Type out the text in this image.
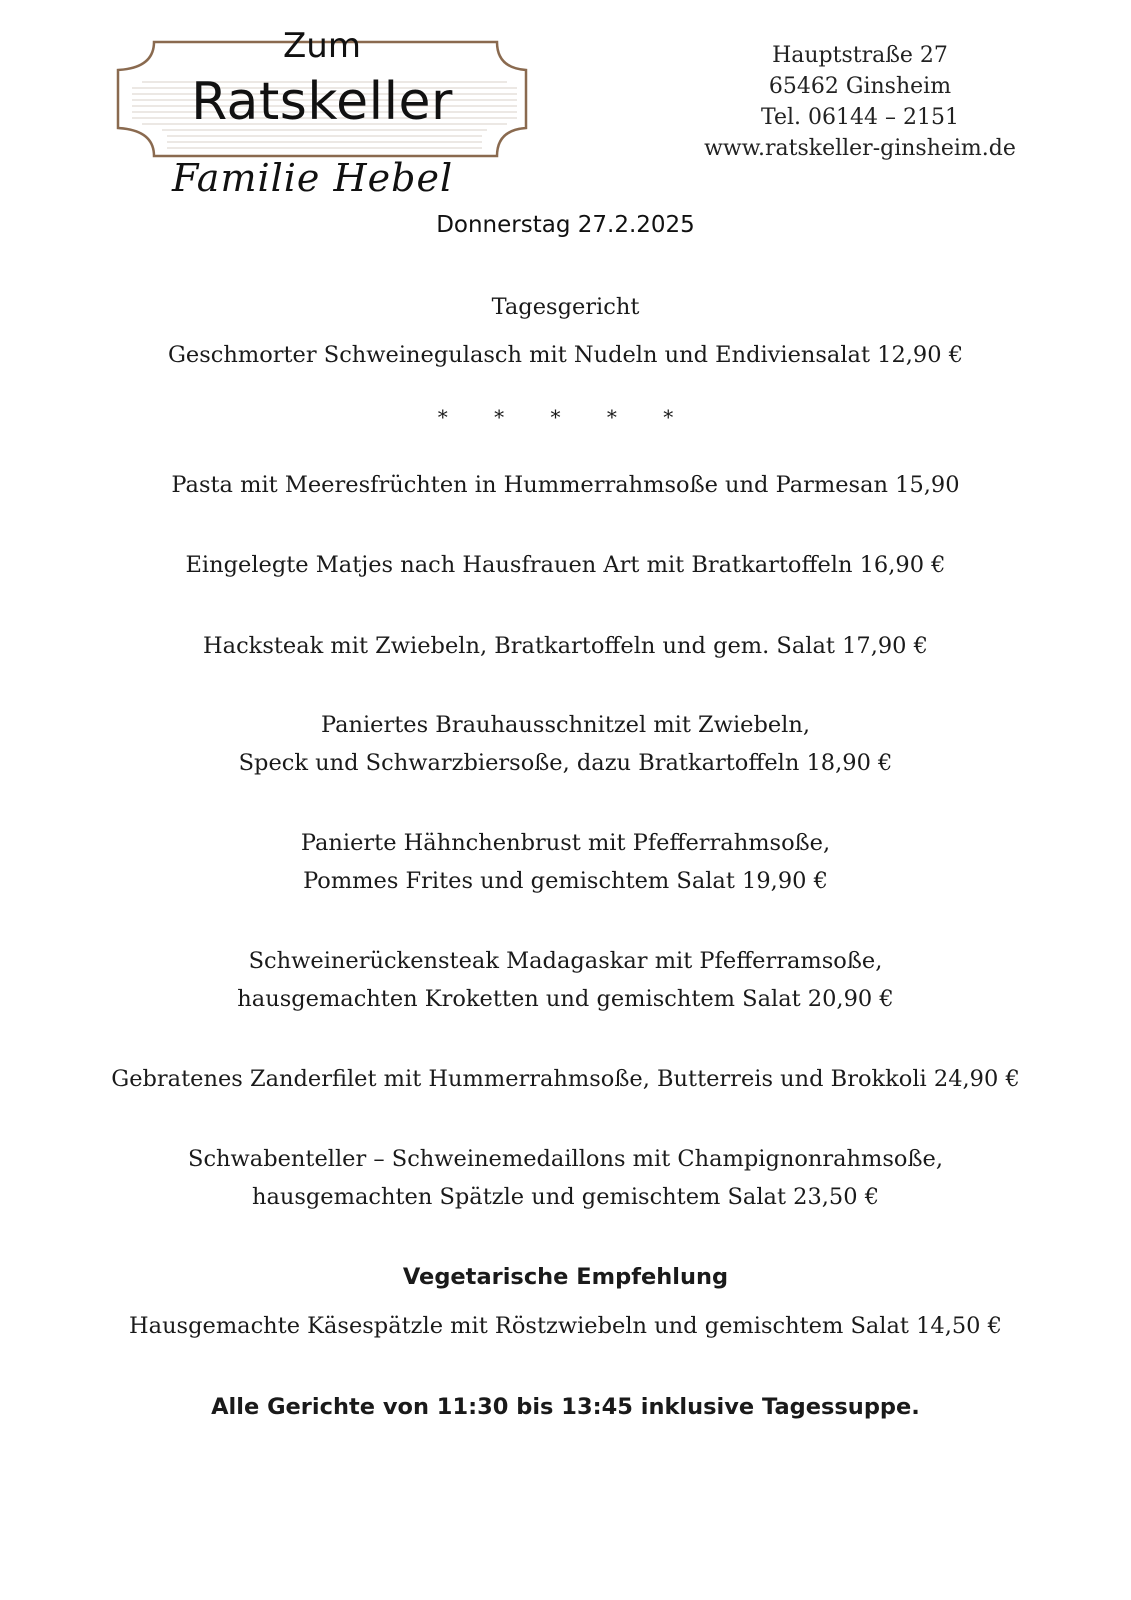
Zum
Ratskeller
Familie Hebel
Hauptstraße 27
65462 Ginsheim
Tel. 06144 – 2151
www.ratskeller-ginsheim.de
Donnerstag 27.2.2025
Tagesgericht
Geschmorter Schweinegulasch mit Nudeln und Endiviensalat 12,90 €
* * * * *
Pasta mit Meeresfrüchten in Hummerrahmsoße und Parmesan 15,90
Eingelegte Matjes nach Hausfrauen Art mit Bratkartoffeln 16,90 €
Hacksteak mit Zwiebeln, Bratkartoffeln und gem. Salat 17,90 €
Paniertes Brauhausschnitzel mit Zwiebeln,
Speck und Schwarzbiersoße, dazu Bratkartoffeln 18,90 €
Panierte Hähnchenbrust mit Pfefferrahmsoße,
Pommes Frites und gemischtem Salat 19,90 €
Schweinerückensteak Madagaskar mit Pfefferramsoße,
hausgemachten Kroketten und gemischtem Salat 20,90 €
Gebratenes Zanderfilet mit Hummerrahmsoße, Butterreis und Brokkoli 24,90 €
Schwabenteller – Schweinemedaillons mit Champignonrahmsoße,
hausgemachten Spätzle und gemischtem Salat 23,50 €
Vegetarische Empfehlung
Hausgemachte Käsespätzle mit Röstzwiebeln und gemischtem Salat 14,50 €
Alle Gerichte von 11:30 bis 13:45 inklusive Tagessuppe.
